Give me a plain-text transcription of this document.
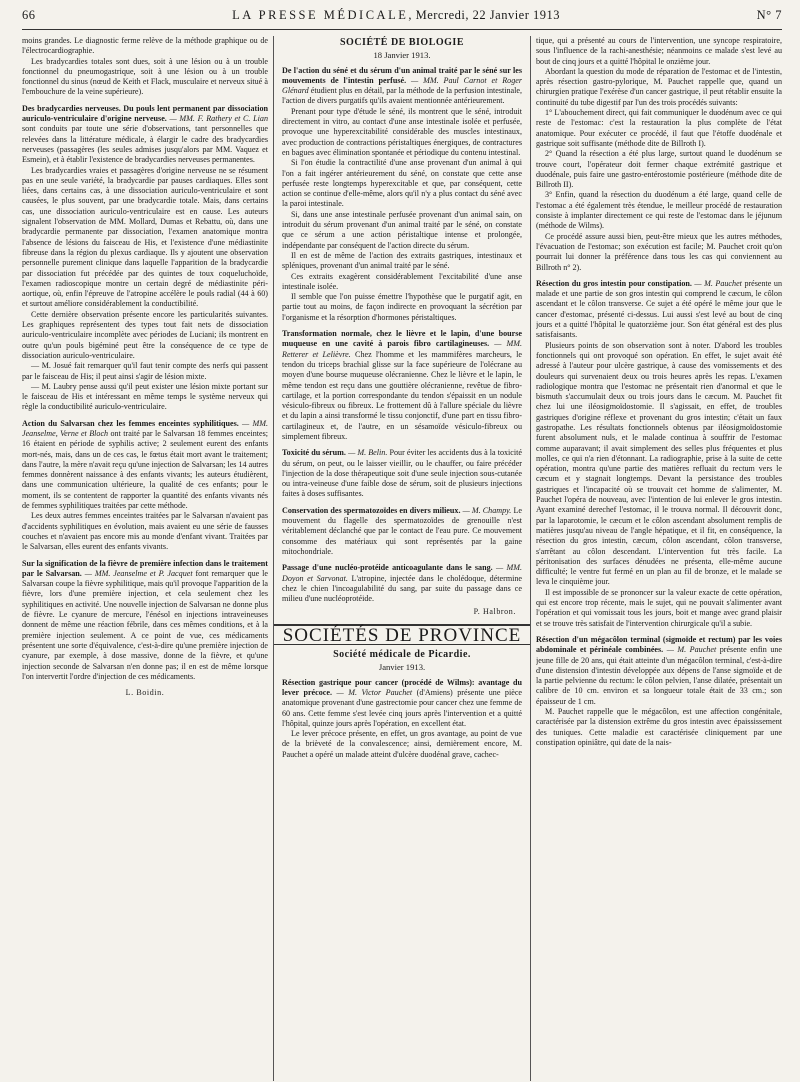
66	LA PRESSE MÉDICALE, Mercredi, 22 Janvier 1913	N° 7

moins grandes. Le diagnostic ferme relève de la méthode graphique ou de l'électrocardiographie.

Les bradycardies totales sont dues, soit à une lésion ou à un trouble fonctionnel du pneumogastrique, soit à une lésion ou à un trouble fonctionnel du sinus (nœud de Keith et Flack, musculaire et nerveux situé à l'embouchure de la veine supérieure).

Des bradycardies nerveuses. Du pouls lent permanent par dissociation auriculo-ventriculaire d'origine nerveuse. — MM. F. Rathery et C. Lian sont conduits par toute une série d'observations, tant personnelles que relevées dans la littérature médicale, à élargir le cadre des bradycardies nerveuses (passagères (les seules admises jusqu'alors par MM. Vaquez et Esmein), et à établir l'existence de bradycardies nerveuses permanentes.

Les bradycardies vraies et passagères d'origine nerveuse ne se résument pas en une seule variété, la bradycardie par pauses cardiaques. Elles sont liées, dans certains cas, à une dissociation auriculo-ventriculaire et sont causées, le plus souvent, par une bradycardie totale. Mais, dans certains cas, une dissociation auriculo-ventriculaire est en cause. Les auteurs signalent l'observation de MM. Mollard, Dumas et Rebattu, où, dans une bradycardie permanente par dissociation, l'examen anatomique montra l'absence de lésions du faisceau de His, et l'existence d'une médiastinite fibreuse dans la région du plexus cardiaque. Ils y ajoutent une observation personnelle purement clinique dans laquelle l'apparition de la bradycardie par dissociation fut précédée par des quintes de toux coqueluchoïde, l'examen radioscopique montre un certain degré de médiastinite péri-aortique, où, enfin l'épreuve de l'atropine accélère le pouls radial (44 à 60) et surtout améliore considérablement la conductibilité.

Cette dernière observation présente encore les particularités suivantes. Les graphiques représentent des types tout fait nets de dissociation auriculo-ventriculaire incomplète avec périodes de Luciani; ils montrent en outre qu'un pouls bigéminé peut être la conséquence de ce type de dissociation auriculo-ventriculaire.

— M. Josué fait remarquer qu'il faut tenir compte des nerfs qui passent par le faisceau de His; il peut ainsi s'agir de lésion mixte.

— M. Laubry pense aussi qu'il peut exister une lésion mixte portant sur le faisceau de His et intéressant en même temps le système nerveux qui règle la conductibilité auriculo-ventriculaire.

Action du Salvarsan chez les femmes enceintes syphilitiques. — MM. Jeanselme, Verne et Bloch ont traité par le Salvarsan 18 femmes enceintes; 16 étaient en période de syphilis active; 2 seulement eurent des enfants mort-nés, mais, dans un de ces cas, le fœtus était mort avant le traitement; dans l'autre, la mère n'avait reçu qu'une injection de Salvarsan; les 14 autres femmes donnèrent naissance à des enfants vivants; les auteurs étudièrent, dans une communication ultérieure, la qualité de ces enfants; pour le moment, ils se contentent de rapporter la quantité des enfants vivants nés de femmes syphilitiques traitées par cette méthode.

Les deux autres femmes enceintes traitées par le Salvarsan n'avaient pas d'accidents syphilitiques en évolution, mais avaient eu une série de fausses couches et n'avaient pas encore mis au monde d'enfant vivant. Traitées par le Salvarsan, elles eurent des enfants vivants.

Sur la signification de la fièvre de première infection dans le traitement par le Salvarsan. — MM. Jeanselme et P. Jacquet font remarquer que le Salvarsan coupe la fièvre syphilitique, mais qu'il provoque l'apparition de la fièvre, lors d'une première injection, et cela seulement chez les syphilitiques en activité. Une nouvelle injection de Salvarsan ne donne plus de fièvre. Le cyanure de mercure, l'énésol en injections intraveineuses donnent de même une réaction fébrile, dans ces mêmes conditions, et à la première injection seulement. A ce point de vue, ces médicaments présentent une sorte d'équivalence, c'est-à-dire qu'une première injection de cyanure, par exemple, à dose massive, donne de la fièvre, et qu'une injection seconde de Salvarsan n'en donne pas; il en est de même lorsque l'on intervertit l'ordre d'injection de ces médicaments.

L. Boidin.
SOCIÉTÉ DE BIOLOGIE
18 Janvier 1913.

De l'action du séné et du sérum d'un animal traité par le séné sur les mouvements de l'intestin perfusé. — MM. Paul Carnot et Roger Glénard étudient plus en détail, par la méthode de la perfusion intestinale, l'action de divers purgatifs qu'ils avaient mentionnée antérieurement.

Prenant pour type d'étude le séné, ils montrent que le séné, introduit directement in vitro, au contact d'une anse intestinale isolée et perfusée, provoque une hyperexcitabilité considérable des muscles intestinaux, avec production de contractions péristaltiques énergiques, de contractures en bagues avec élimination spontanée et périodique du contenu intestinal.

Si l'on étudie la contractilité d'une anse provenant d'un animal à qui l'on a fait ingérer antérieurement du séné, on constate que cette anse perfusée reste longtemps hyperexcitable et que, par conséquent, cette action se continue d'elle-même, alors qu'il n'y a plus contact du séné avec la paroi intestinale.

Si, dans une anse intestinale perfusée provenant d'un animal sain, on introduit du sérum provenant d'un animal traité par le séné, on constate que ce sérum a une action péristaltique intense et prolongée, indépendante par conséquent de l'action directe du sérum.

Il en est de même de l'action des extraits gastriques, intestinaux et spléniques, provenant d'un animal traité par le séné.

Ces extraits exagèrent considérablement l'excitabilité d'une anse intestinale isolée.

Il semble que l'on puisse émettre l'hypothèse que le purgatif agit, en partie tout au moins, de façon indirecte en provoquant la sécrétion par l'organisme et la résorption d'hormones péristaltiques.

Transformation normale, chez le lièvre et le lapin, d'une bourse muqueuse en une cavité à parois fibro cartilagineuses. — MM. Retterer et Lelièvre. Chez l'homme et les mammifères marcheurs, le tendon du triceps brachial glisse sur la face supérieure de l'olécrane au moyen d'une bourse muqueuse olécranienne. Chez le lièvre et le lapin, le même tendon est reçu dans une gouttière olécranienne, revêtue de fibro-cartilage, et la portion correspondante du tendon s'épaissit en un nodule vésiculo-fibreux ou fibreux. Le frottement dû à l'allure spéciale du lièvre et du lapin a ainsi transformé le tissu conjonctif, d'une part en tissu fibro-cartilagineux et, de l'autre, en un sésamoïde vésiculo-fibreux ou simplement fibreux.

Toxicité du sérum. — M. Belin. Pour éviter les accidents dus à la toxicité du sérum, on peut, ou le laisser vieillir, ou le chauffer, ou faire précéder l'injection de la dose thérapeutique soit d'une seule injection sous-cutanée ou intra-veineuse d'une faible dose de sérum, soit de plusieurs injections faites à doses suffisantes.

Conservation des spermatozoïdes en divers milieux. — M. Champy. Le mouvement du flagelle des spermatozoïdes de grenouille n'est véritablement déclanché que par le contact de l'eau pure. Ce mouvement consomme des matériaux qui sont représentés par la gaine mitochondriale.

Passage d'une nucléo-protéide anticoagulante dans le sang. — MM. Doyon et Sarvonat. L'atropine, injectée dans le cholédoque, détermine chez le chien l'incoagulabilité du sang, par suite du passage dans ce milieu d'une nucléoprotéide.

P. Halbron.
SOCIÉTÉS DE PROVINCE
Société médicale de Picardie.
Janvier 1913.

Résection gastrique pour cancer (procédé de Wilms): avantage du lever précoce. — M. Victor Pauchet (d'Amiens) présente une pièce anatomique provenant d'une gastrectomie pour cancer chez une femme de 60 ans. Cette femme s'est levée cinq jours après l'intervention et a quitté l'hôpital, quinze jours après l'opération, en excellent état.

Le lever précoce présente, en effet, un gros avantage, au point de vue de la brièveté de la convalescence; ainsi, dernièrement encore, M. Pauchet a opéré un malade atteint d'ulcère duodénal grave, cachec-

tique, qui a présenté au cours de l'intervention, une syncope respiratoire, sous l'influence de la rachi-anesthésie; néanmoins ce malade s'est levé au bout de cinq jours et a quitté l'hôpital le onzième jour.

Abordant la question du mode de réparation de l'estomac et de l'intestin, après résection gastro-pylorique, M. Pauchet rappelle que, quand un chirurgien pratique l'exérèse d'un cancer gastrique, il peut rétablir ensuite la continuité du tube digestif par l'un des trois procédés suivants:

1° L'abouchement direct, qui fait communiquer le duodénum avec ce qui reste de l'estomac: c'est la restauration la plus complète de l'état anatomique. Pour exécuter ce procédé, il faut que l'étoffe duodénale et gastrique soit suffisante (méthode dite de Billroth I).

2° Quand la résection a été plus large, surtout quand le duodénum se trouve court, l'opérateur doit fermer chaque extrémité gastrique et duodénale, puis faire une gastro-entérostomie postérieure (méthode dite de Billroth II).

3° Enfin, quand la résection du duodénum a été large, quand celle de l'estomac a été également très étendue, le meilleur procédé de restauration consiste à implanter directement ce qui reste de l'estomac dans le jéjunum (méthode de Wilms).

Ce procédé assure aussi bien, peut-être mieux que les autres méthodes, l'évacuation de l'estomac; son exécution est facile; M. Pauchet croit qu'on pourrait lui donner la préférence dans tous les cas qui conviennent au Billroth n° 2).

Résection du gros intestin pour constipation. — M. Pauchet présente un malade et une partie de son gros intestin qui comprend le cæcum, le côlon ascendant et le côlon transverse. Ce sujet a été opéré le même jour que le cancer d'estomac, présenté ci-dessus. Lui aussi s'est levé au bout de cinq jours et a quitté l'hôpital le quatorzième jour. Son état général est des plus satisfaisants.

Plusieurs points de son observation sont à noter. D'abord les troubles fonctionnels qui ont provoqué son opération. En effet, le sujet avait été adressé à l'auteur pour ulcère gastrique, à cause des vomissements et des douleurs qui survenaient deux ou trois heures après les repas. L'examen radiologique montra que l'estomac ne présentait rien d'anormal et que le bismuth s'accumulait deux ou trois jours dans le cæcum. M. Pauchet fit chez lui une iléosigmoïdostomie. Il s'agissait, en effet, de troubles gastriques d'origine réflexe et provenant du gros intestin; c'était un faux gastropathe. Les résultats fonctionnels obtenus par iléosigmoïdostomie furent absolument nuls, et le malade continua à souffrir de l'estomac comme auparavant; il avait simplement des selles plus fréquentes et plus molles, ce qui n'a rien d'étonnant. La radiographie, prise à la suite de cette opération, montra qu'une partie des matières refluait du rectum vers le cæcum et y stagnait longtemps. Devant la persistance des troubles gastriques et l'incapacité où se trouvait cet homme de s'alimenter, M. Pauchet l'opéra de nouveau, avec l'intention de lui enlever le gros intestin. Ayant examiné derechef l'estomac, il le trouva normal. Il découvrit donc, par la laparotomie, le cæcum et le côlon ascendant absolument remplis de matières jusqu'au niveau de l'angle hépatique, et il fit, en conséquence, la résection du gros intestin, cæcum, côlon ascendant, côlon transverse, s'arrêtant au côlon descendant. L'intervention fut très facile. La péritonisation des surfaces dénudées ne présenta, elle-même aucune difficulté; le ventre fut fermé en un plan au fil de bronze, et le malade se leva le cinquième jour.

Il est impossible de se prononcer sur la valeur exacte de cette opération, qui est encore trop récente, mais le sujet, qui ne pouvait s'alimenter avant l'opération et qui vomissait tous les jours, boit et mange avec grand plaisir et se trouve très satisfait de l'intervention chirurgicale qu'il a subie.

Résection d'un mégacôlon terminal (sigmoïde et rectum) par les voies abdominale et périnéale combinées. — M. Pauchet présente enfin une jeune fille de 20 ans, qui était atteinte d'un mégacôlon terminal, c'est-à-dire d'une distension d'intestin développée aux dépens de l'anse sigmoïde et de la partie pelvienne du rectum: le côlon pelvien, l'anse dilatée, présentait un calibre de 10 cm. environ et sa longueur totale était de 33 cm.; son épaisseur de 1 cm.

M. Pauchet rappelle que le mégacôlon, est une affection congénitale, caractérisée par la distension extrême du gros intestin avec épaississement des tuniques. Cette maladie est caractérisée cliniquement par une constipation opiniâtre, qui date de la nais-
